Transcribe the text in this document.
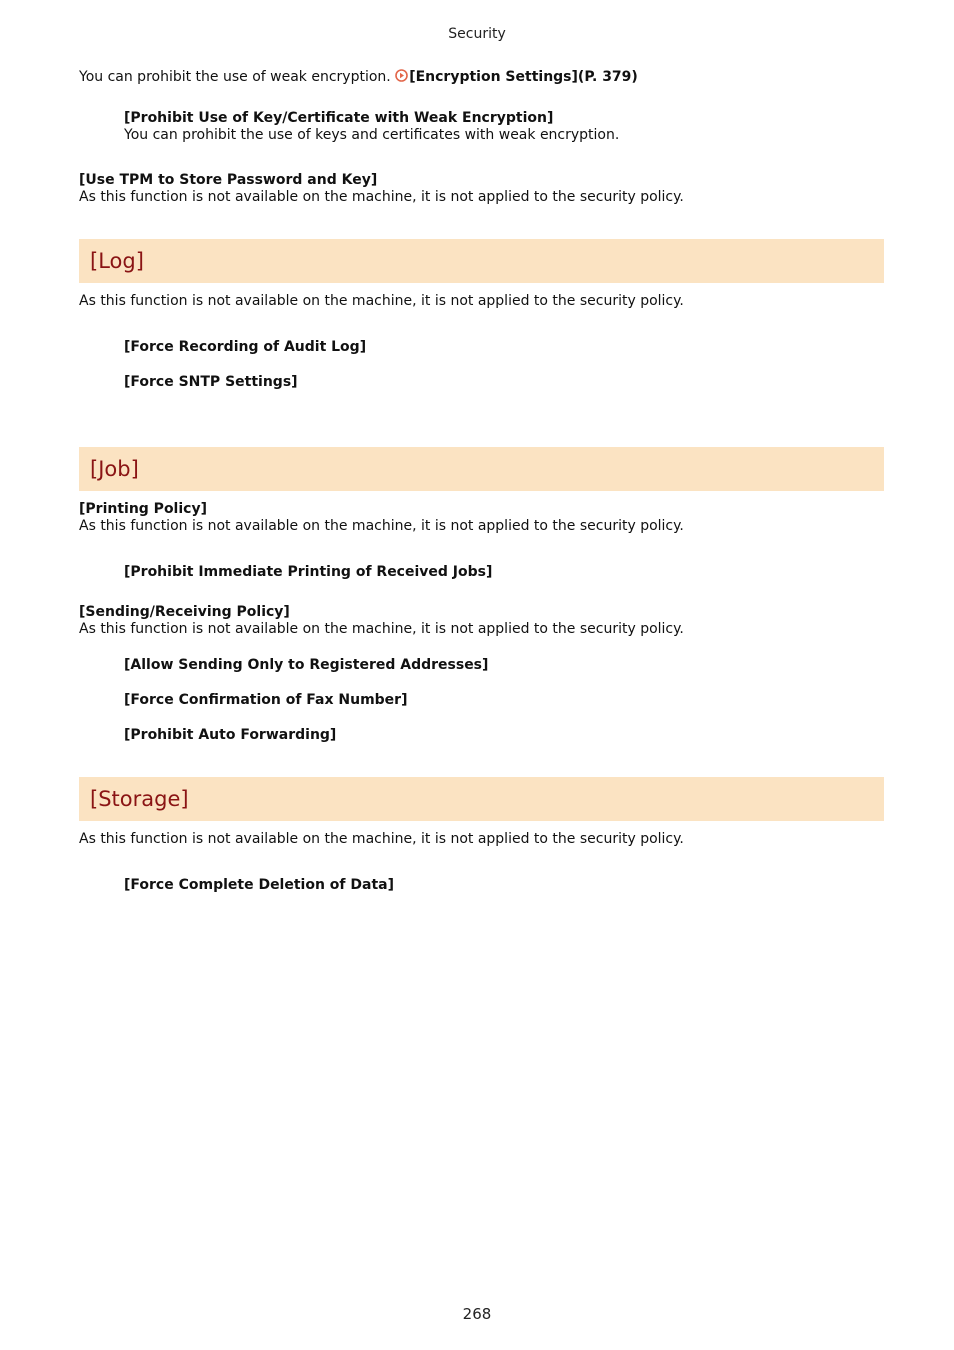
Security
You can prohibit the use of weak encryption. [Encryption Settings](P. 379)
[Prohibit Use of Key/Certificate with Weak Encryption]
You can prohibit the use of keys and certificates with weak encryption.
[Use TPM to Store Password and Key]
As this function is not available on the machine, it is not applied to the security policy.
[Log]
As this function is not available on the machine, it is not applied to the security policy.
[Force Recording of Audit Log]
[Force SNTP Settings]
[Job]
[Printing Policy]
As this function is not available on the machine, it is not applied to the security policy.
[Prohibit Immediate Printing of Received Jobs]
[Sending/Receiving Policy]
As this function is not available on the machine, it is not applied to the security policy.
[Allow Sending Only to Registered Addresses]
[Force Confirmation of Fax Number]
[Prohibit Auto Forwarding]
[Storage]
As this function is not available on the machine, it is not applied to the security policy.
[Force Complete Deletion of Data]
268
